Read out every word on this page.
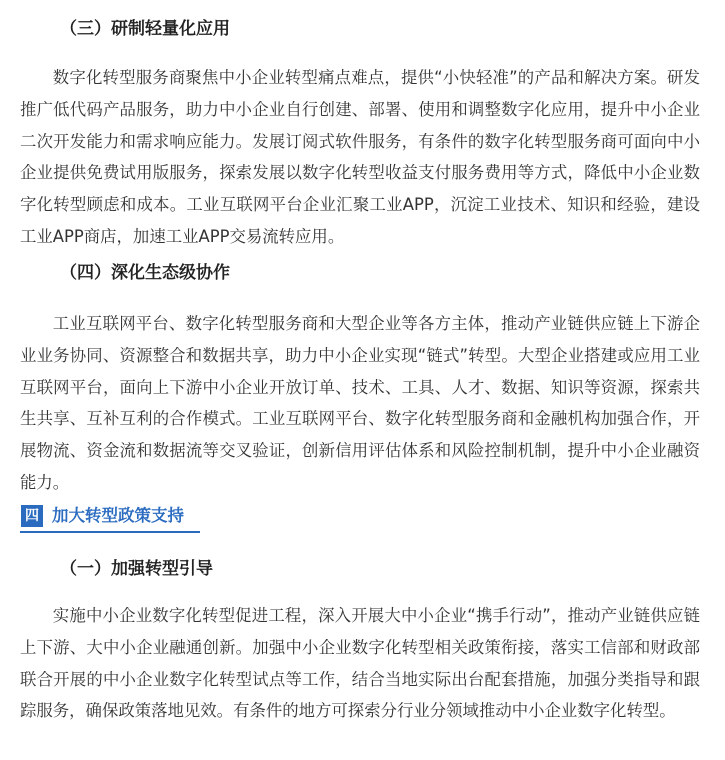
（三）研制轻量化应用
数字化转型服务商聚焦中小企业转型痛点难点，提供“小快轻准”的产品和解决方案。研发推广低代码产品服务，助力中小企业自行创建、部署、使用和调整数字化应用，提升中小企业二次开发能力和需求响应能力。发展订阅式软件服务，有条件的数字化转型服务商可面向中小企业提供免费试用版服务，探索发展以数字化转型收益支付服务费用等方式，降低中小企业数字化转型顾虑和成本。工业互联网平台企业汇聚工业APP，沉淀工业技术、知识和经验，建设工业APP商店，加速工业APP交易流转应用。
（四）深化生态级协作
工业互联网平台、数字化转型服务商和大型企业等各方主体，推动产业链供应链上下游企业业务协同、资源整合和数据共享，助力中小企业实现“链式”转型。大型企业搭建或应用工业互联网平台，面向上下游中小企业开放订单、技术、工具、人才、数据、知识等资源，探索共生共享、互补互利的合作模式。工业互联网平台、数字化转型服务商和金融机构加强合作，开展物流、资金流和数据流等交叉验证，创新信用评估体系和风险控制机制，提升中小企业融资能力。
四 加大转型政策支持
（一）加强转型引导
实施中小企业数字化转型促进工程，深入开展大中小企业“携手行动”，推动产业链供应链上下游、大中小企业融通创新。加强中小企业数字化转型相关政策衔接，落实工信部和财政部联合开展的中小企业数字化转型试点等工作，结合当地实际出台配套措施，加强分类指导和跟踪服务，确保政策落地见效。有条件的地方可探索分行业分领域推动中小企业数字化转型。
